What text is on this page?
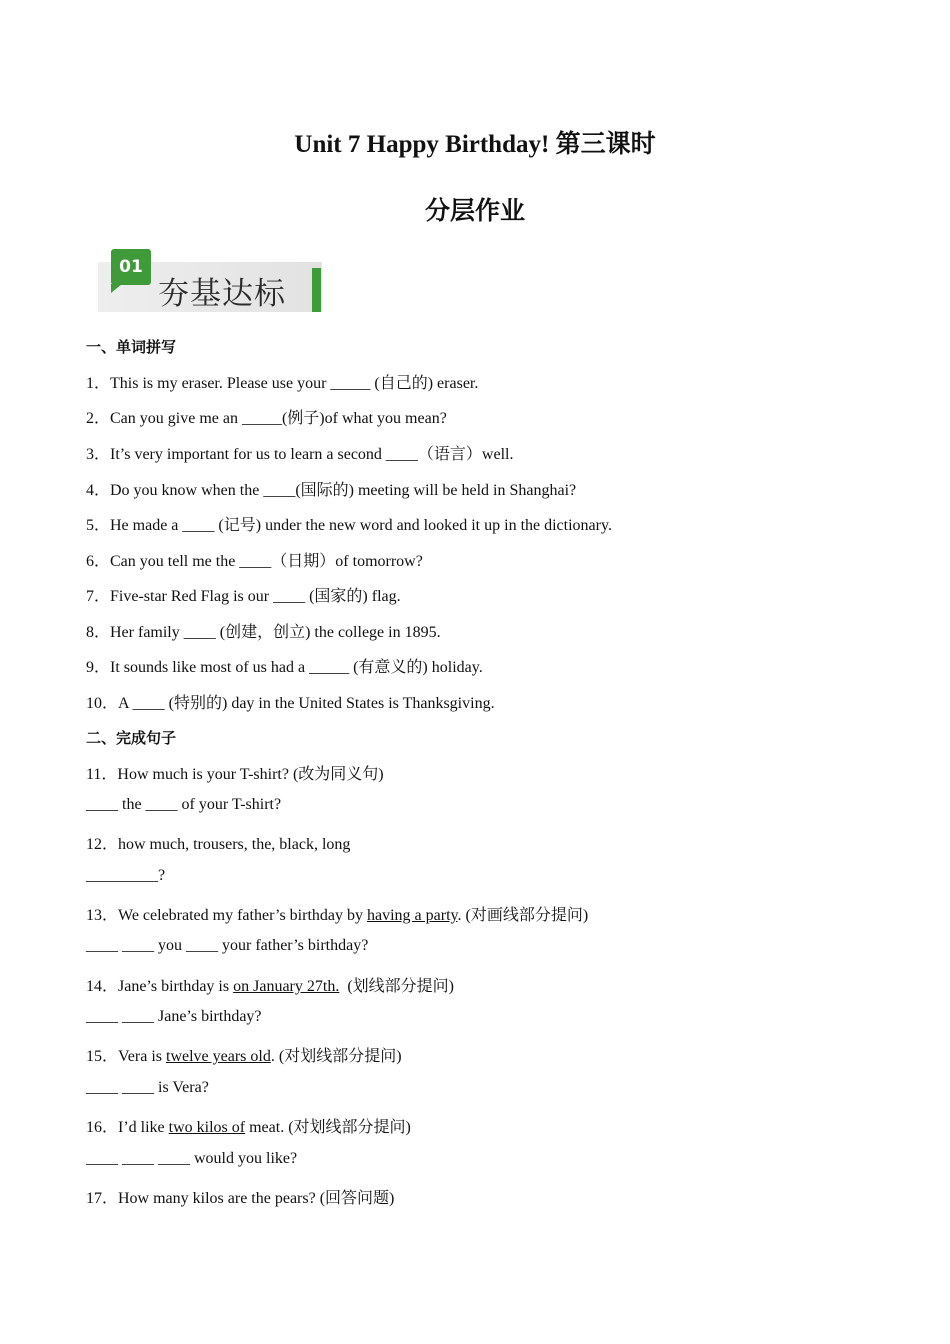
Unit 7 Happy Birthday! 第三课时
分层作业
01
夯基达标
一、单词拼写
1．This is my eraser. Please use your _____ (自己的) eraser.
2．Can you give me an _____(例子)of what you mean?
3．It’s very important for us to learn a second ____（语言）well.
4．Do you know when the ____(国际的) meeting will be held in Shanghai?
5．He made a ____ (记号) under the new word and looked it up in the dictionary.
6．Can you tell me the ____（日期）of tomorrow?
7．Five-star Red Flag is our ____ (国家的) flag.
8．Her family ____ (创建，创立) the college in 1895.
9．It sounds like most of us had a _____ (有意义的) holiday.
10．A ____ (特别的) day in the United States is Thanksgiving.
二、完成句子
11．How much is your T-shirt? (改为同义句)
____ the ____ of your T-shirt?
12．how much, trousers, the, black, long
_________?
13．We celebrated my father’s birthday by having a party. (对画线部分提问)
____ ____ you ____ your father’s birthday?
14．Jane’s birthday is on January 27th.  (划线部分提问)
____ ____ Jane’s birthday?
15．Vera is twelve years old. (对划线部分提问)
____ ____ is Vera?
16．I’d like two kilos of meat. (对划线部分提问)
____ ____ ____ would you like?
17．How many kilos are the pears? (回答问题)
